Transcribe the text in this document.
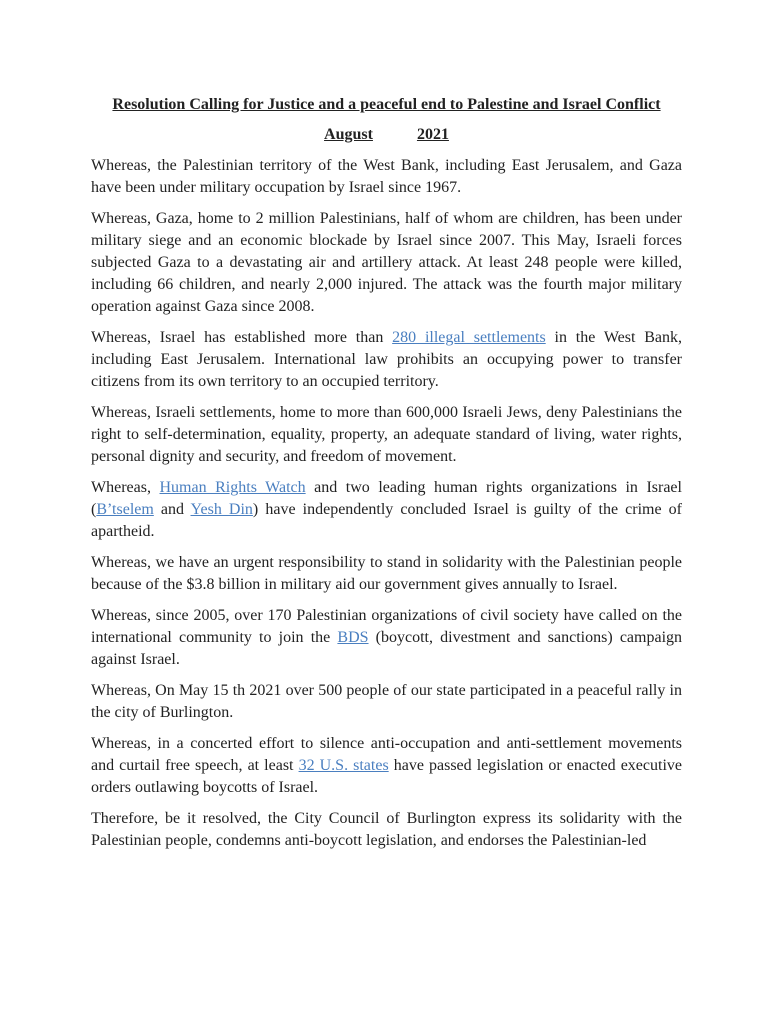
Resolution Calling for Justice and a peaceful end to Palestine and Israel Conflict
August	2021

Whereas, the Palestinian territory of the West Bank, including East Jerusalem, and Gaza have been under military occupation by Israel since 1967.

Whereas, Gaza, home to 2 million Palestinians, half of whom are children, has been under military siege and an economic blockade by Israel since 2007. This May, Israeli forces subjected Gaza to a devastating air and artillery attack. At least 248 people were killed, including 66 children, and nearly 2,000 injured. The attack was the fourth major military operation against Gaza since 2008.

Whereas, Israel has established more than 280 illegal settlements in the West Bank, including East Jerusalem. International law prohibits an occupying power to transfer citizens from its own territory to an occupied territory.

Whereas, Israeli settlements, home to more than 600,000 Israeli Jews, deny Palestinians the right to self-determination, equality, property, an adequate standard of living, water rights, personal dignity and security, and freedom of movement.

Whereas, Human Rights Watch and two leading human rights organizations in Israel (B’tselem and Yesh Din) have independently concluded Israel is guilty of the crime of apartheid.

Whereas, we have an urgent responsibility to stand in solidarity with the Palestinian people because of the $3.8 billion in military aid our government gives annually to Israel.

Whereas, since 2005, over 170 Palestinian organizations of civil society have called on the international community to join the BDS (boycott, divestment and sanctions) campaign against Israel.

Whereas, On May 15 th 2021 over 500 people of our state participated in a peaceful rally in the city of Burlington.

Whereas, in a concerted effort to silence anti-occupation and anti-settlement movements and curtail free speech, at least 32 U.S. states have passed legislation or enacted executive orders outlawing boycotts of Israel.

Therefore, be it resolved, the City Council of Burlington express its solidarity with the Palestinian people, condemns anti-boycott legislation, and endorses the Palestinian-led
